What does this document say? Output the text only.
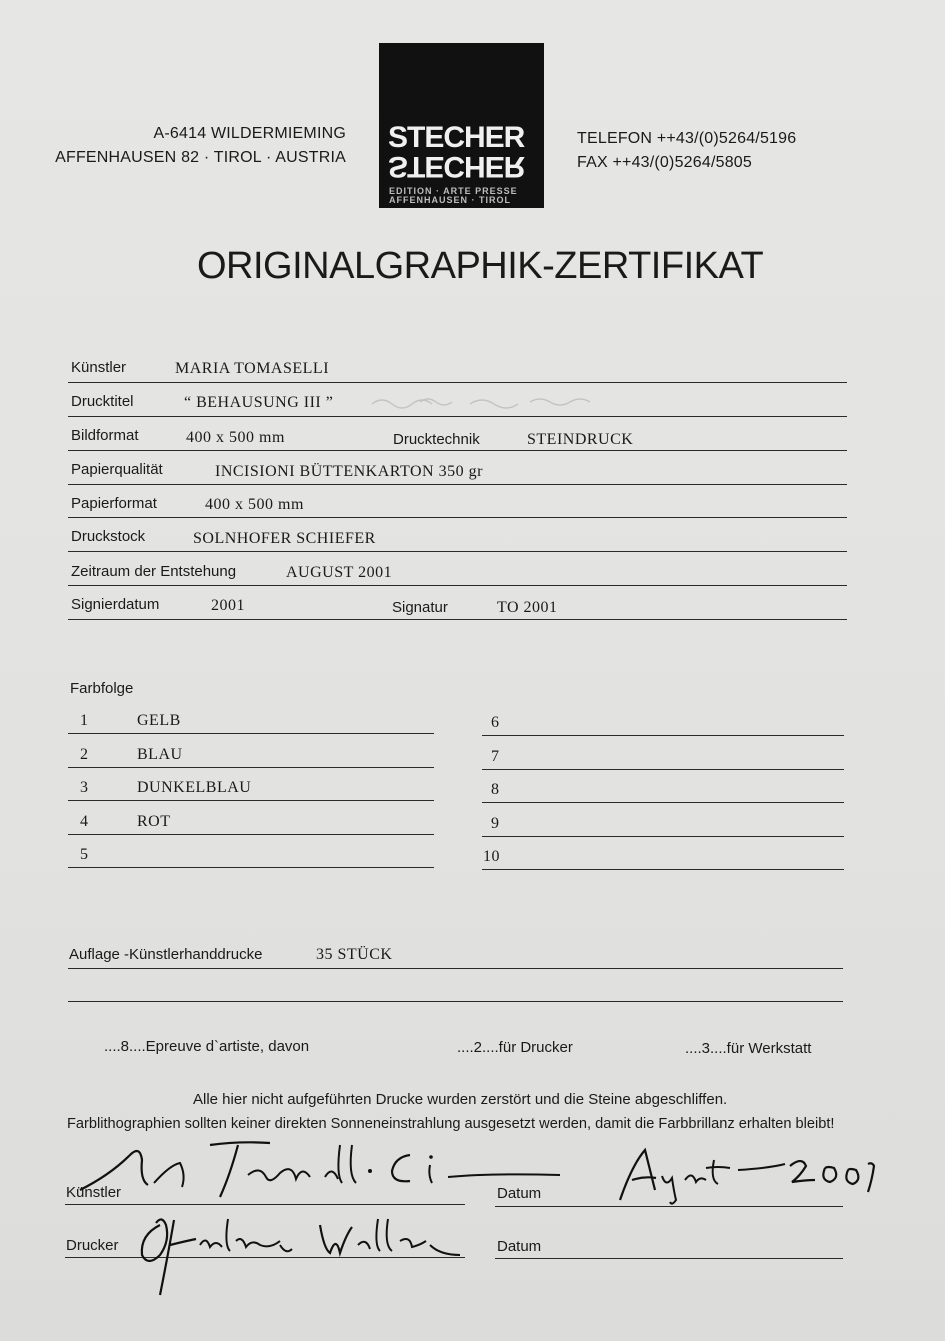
A-6414 WILDERMIEMING
AFFENHAUSEN 82 · TIROL · AUSTRIA
STECHER
STECHER
EDITION · ARTE PRESSE
AFFENHAUSEN · TIROL
TELEFON ++43/(0)5264/5196
FAX ++43/(0)5264/5805
ORIGINALGRAPHIK-ZERTIFIKAT
Künstler	MARIA TOMASELLI
Drucktitel	“ BEHAUSUNG III ”
Bildformat	400 x 500 mm	Drucktechnik	STEINDRUCK
Papierqualität	INCISIONI BÜTTENKARTON 350 gr
Papierformat	400 x 500 mm
Druckstock	SOLNHOFER SCHIEFER
Zeitraum der Entstehung	AUGUST 2001
Signierdatum	2001	Signatur	TO 2001
Farbfolge
1	GELB
2	BLAU
3	DUNKELBLAU
4	ROT
5
6
7
8
9
10
Auflage -Künstlerhanddrucke	35 STÜCK
....8....Epreuve d`artiste, davon	....2....für Drucker	....3....für Werkstatt
Alle hier nicht aufgeführten Drucke wurden zerstört und die Steine abgeschliffen.
Farblithographien sollten keiner direkten Sonneneinstrahlung ausgesetzt werden, damit die Farbbrillanz erhalten bleibt!
Künstler	Datum
Drucker	Datum
